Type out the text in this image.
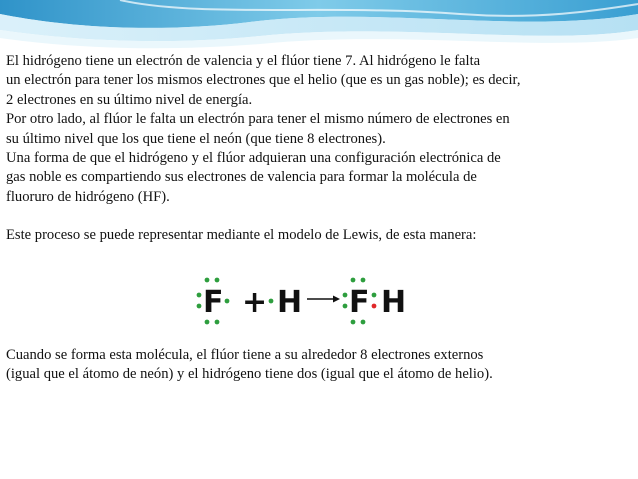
El hidrógeno tiene un electrón de valencia y el flúor tiene 7. Al hidrógeno le falta

un electrón para tener los mismos electrones que el helio (que es un gas noble); es decir,

2 electrones en su último nivel de energía.

Por otro lado, al flúor le falta un electrón para tener el mismo número de electrones en

su último nivel que los que tiene el neón (que tiene 8 electrones).

Una forma de que el hidrógeno y el flúor adquieran una configuración electrónica de

gas noble es compartiendo sus electrones de valencia para formar la molécula de

fluoruro de hidrógeno (HF).

Este proceso se puede representar mediante el modelo de Lewis, de esta manera:

F + H F H

Cuando se forma esta molécula, el flúor tiene a su alrededor 8 electrones externos

(igual que el átomo de neón) y el hidrógeno tiene dos (igual que el átomo de helio).
